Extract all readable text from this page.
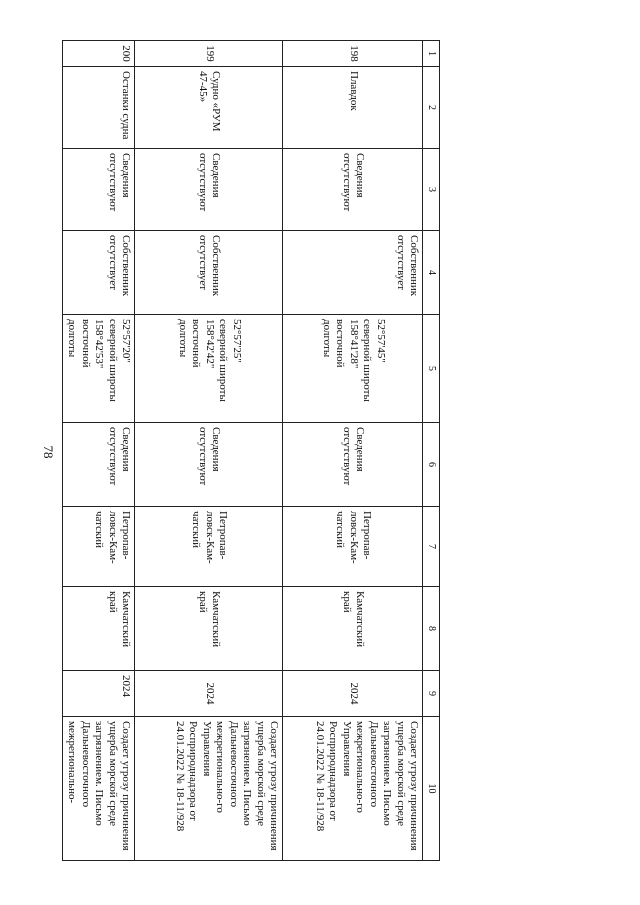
78
1	2	3	4	5	6	7	8	9	10
198	Плавдок	Сведения отсутствуют	Собственник отсутствует	52°57'45"
северной широты
158°41'28"
восточной
долготы	Сведения отсутствуют	Петропав-
ловск-Кам-
чатский	Камчатский край	2024	Создает угрозу причинения ущерба морской среде загрязнением. Письмо Дальневосточного межрегионально-го Управления Росприроднадзора от 24.01.2022 № 18-11/928
199	Судно «РУМ 47-45»	Сведения отсутствуют	Собственник отсутствует	52°57'25"
северной широты
158°42'42"
восточной
долготы	Сведения отсутствуют	Петропав-
ловск-Кам-
чатский	Камчатский край	2024	Создает угрозу причинения ущерба морской среде загрязнением. Письмо Дальневосточного межрегионально-го Управления Росприроднадзора от 24.01.2022 № 18-11/928
200	Останки судна	Сведения отсутствуют	Собственник отсутствует	52°57'20"
северной широты
158°42'53"
восточной
долготы	Сведения отсутствуют	Петропав-
ловск-Кам-
чатский	Камчатский край	2024	Создает угрозу причинения ущерба морской среде загрязнением. Письмо Дальневосточного межрегионально-
